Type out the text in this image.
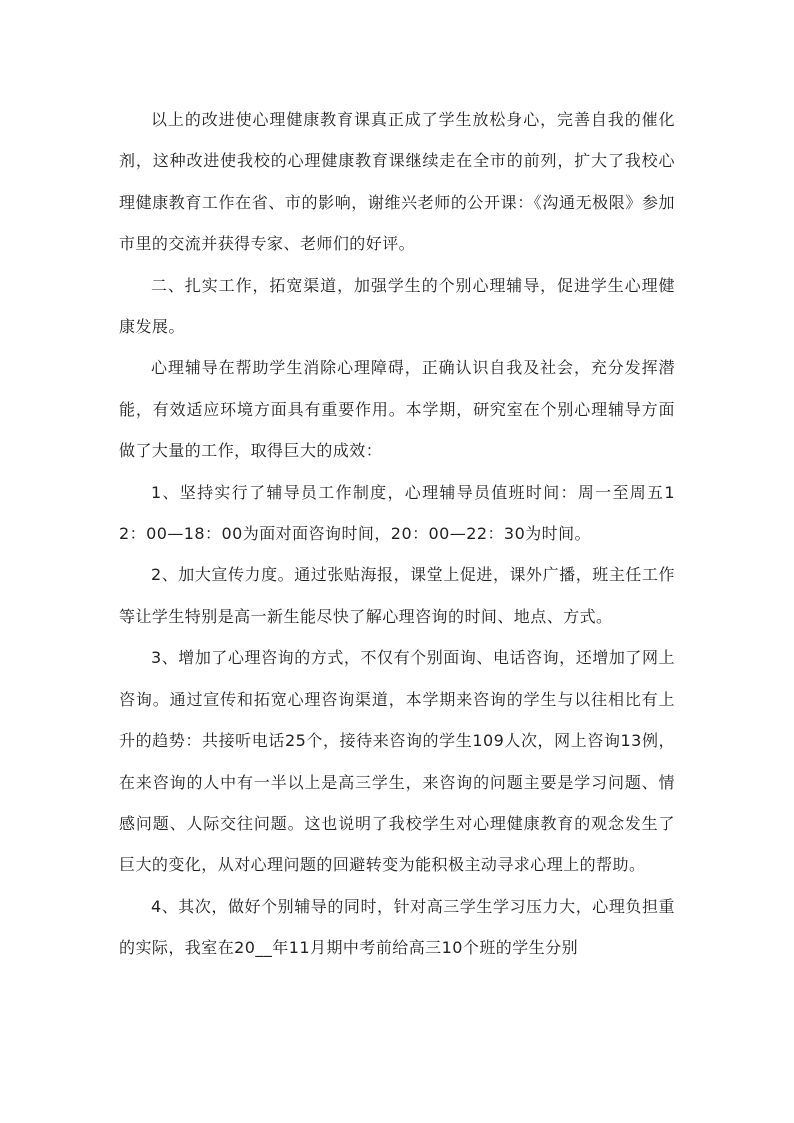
以上的改进使心理健康教育课真正成了学生放松身心，完善自我的催化剂，这种改进使我校的心理健康教育课继续走在全市的前列，扩大了我校心理健康教育工作在省、市的影响，谢维兴老师的公开课：《沟通无极限》参加市里的交流并获得专家、老师们的好评。

二、扎实工作，拓宽渠道，加强学生的个别心理辅导，促进学生心理健康发展。

心理辅导在帮助学生消除心理障碍，正确认识自我及社会，充分发挥潜能，有效适应环境方面具有重要作用。本学期，研究室在个别心理辅导方面做了大量的工作，取得巨大的成效：

1、坚持实行了辅导员工作制度，心理辅导员值班时间：周一至周五12：00—18：00为面对面咨询时间，20：00—22：30为时间。

2、加大宣传力度。通过张贴海报，课堂上促进，课外广播，班主任工作等让学生特别是高一新生能尽快了解心理咨询的时间、地点、方式。

3、增加了心理咨询的方式，不仅有个别面询、电话咨询，还增加了网上咨询。通过宣传和拓宽心理咨询渠道，本学期来咨询的学生与以往相比有上升的趋势：共接听电话25个，接待来咨询的学生109人次，网上咨询13例，在来咨询的人中有一半以上是高三学生，来咨询的问题主要是学习问题、情感问题、人际交往问题。这也说明了我校学生对心理健康教育的观念发生了巨大的变化，从对心理问题的回避转变为能积极主动寻求心理上的帮助。

4、其次，做好个别辅导的同时，针对高三学生学习压力大，心理负担重的实际，我室在20__年11月期中考前给高三10个班的学生分别
